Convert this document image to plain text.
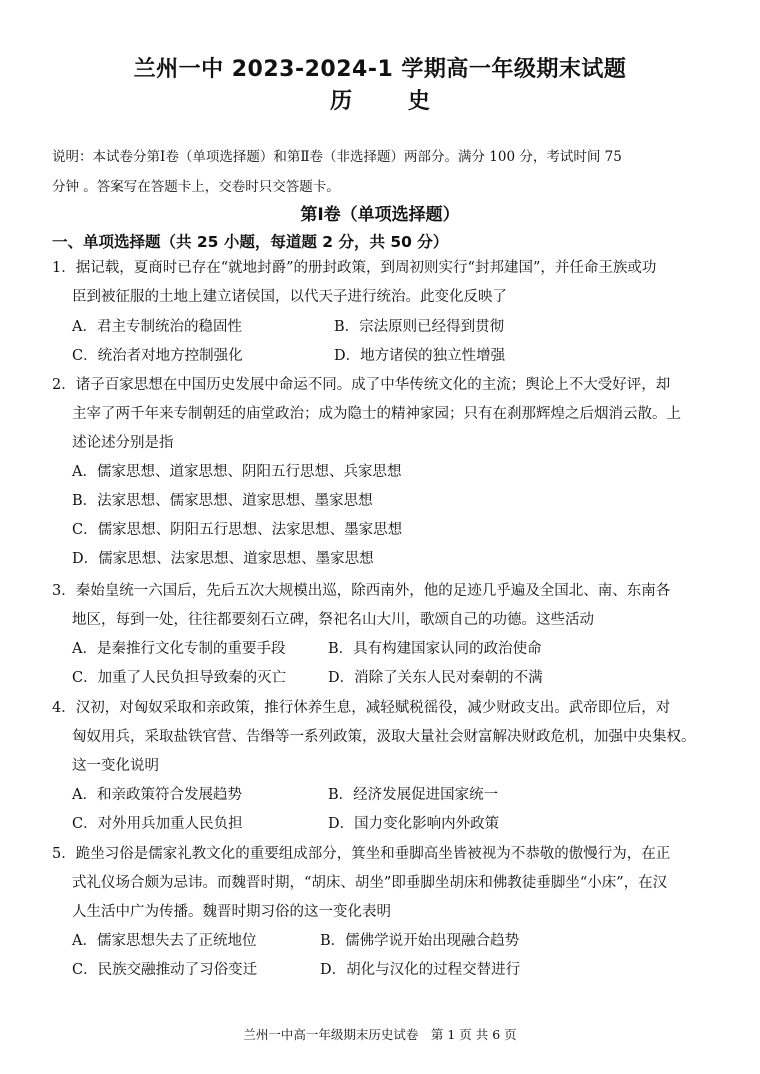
兰州一中 2023-2024-1 学期高一年级期末试题
历 史
说明：本试卷分第Ⅰ卷（单项选择题）和第Ⅱ卷（非选择题）两部分。满分 100 分，考试时间 75
分钟 。答案写在答题卡上，交卷时只交答题卡。
第Ⅰ卷（单项选择题）
一、单项选择题（共 25 小题，每道题 2 分，共 50 分）
1．据记载，夏商时已存在“就地封爵”的册封政策，到周初则实行“封邦建国”，并任命王族或功
臣到被征服的土地上建立诸侯国，以代天子进行统治。此变化反映了
A．君主专制统治的稳固性	B．宗法原则已经得到贯彻
C．统治者对地方控制强化	D．地方诸侯的独立性增强
2．诸子百家思想在中国历史发展中命运不同。成了中华传统文化的主流；舆论上不大受好评，却
主宰了两千年来专制朝廷的庙堂政治；成为隐士的精神家园；只有在刹那辉煌之后烟消云散。上
述论述分别是指
A．儒家思想、道家思想、阴阳五行思想、兵家思想
B．法家思想、儒家思想、道家思想、墨家思想
C．儒家思想、阴阳五行思想、法家思想、墨家思想
D．儒家思想、法家思想、道家思想、墨家思想
3．秦始皇统一六国后，先后五次大规模出巡，除西南外，他的足迹几乎遍及全国北、南、东南各
地区，每到一处，往往都要刻石立碑，祭祀名山大川，歌颂自己的功德。这些活动
A．是秦推行文化专制的重要手段	B．具有构建国家认同的政治使命
C．加重了人民负担导致秦的灭亡	D．消除了关东人民对秦朝的不满
4．汉初，对匈奴采取和亲政策，推行休养生息，减轻赋税徭役，减少财政支出。武帝即位后，对
匈奴用兵，采取盐铁官营、告缗等一系列政策，汲取大量社会财富解决财政危机，加强中央集权。
这一变化说明
A．和亲政策符合发展趋势	B．经济发展促进国家统一
C．对外用兵加重人民负担	D．国力变化影响内外政策
5．跪坐习俗是儒家礼教文化的重要组成部分，箕坐和垂脚高坐皆被视为不恭敬的傲慢行为，在正
式礼仪场合颇为忌讳。而魏晋时期，“胡床、胡坐”即垂脚坐胡床和佛教徒垂脚坐“小床”，在汉
人生活中广为传播。魏晋时期习俗的这一变化表明
A．儒家思想失去了正统地位	B．儒佛学说开始出现融合趋势
C．民族交融推动了习俗变迁	D．胡化与汉化的过程交替进行
兰州一中高一年级期末历史试卷　第 1 页 共 6 页
